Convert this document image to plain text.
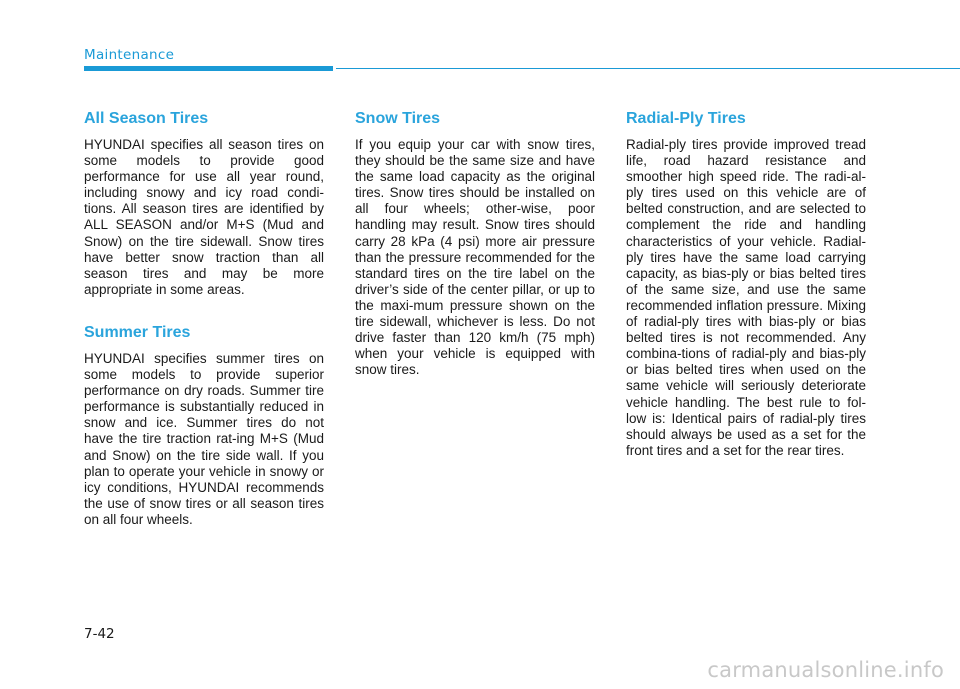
Maintenance
All Season Tires

HYUNDAI specifies all season tires on some models to provide good performance for use all year round, including snowy and icy road condi-tions. All season tires are identified by ALL SEASON and/or M+S (Mud and Snow) on the tire sidewall. Snow tires have better snow traction than all season tires and may be more appropriate in some areas.

Summer Tires

HYUNDAI specifies summer tires on some models to provide superior performance on dry roads. Summer tire performance is substantially reduced in snow and ice. Summer tires do not have the tire traction rat-ing M+S (Mud and Snow) on the tire side wall. If you plan to operate your vehicle in snowy or icy conditions, HYUNDAI recommends the use of snow tires or all season tires on all four wheels.

Snow Tires

If you equip your car with snow tires, they should be the same size and have the same load capacity as the original tires. Snow tires should be installed on all four wheels; other-wise, poor handling may result. Snow tires should carry 28 kPa (4 psi) more air pressure than the pressure recommended for the standard tires on the tire label on the driver’s side of the center pillar, or up to the maxi-mum pressure shown on the tire sidewall, whichever is less. Do not drive faster than 120 km/h (75 mph) when your vehicle is equipped with snow tires.

Radial-Ply Tires

Radial-ply tires provide improved tread life, road hazard resistance and smoother high speed ride. The radi-al-ply tires used on this vehicle are of belted construction, and are selected to complement the ride and handling characteristics of your vehicle. Radial-ply tires have the same load carrying capacity, as bias-ply or bias belted tires of the same size, and use the same recommended inflation pressure. Mixing of radial-ply tires with bias-ply or bias belted tires is not recommended. Any combina-tions of radial-ply and bias-ply or bias belted tires when used on the same vehicle will seriously deteriorate vehicle handling. The best rule to fol-low is: Identical pairs of radial-ply tires should always be used as a set for the front tires and a set for the rear tires.

7-42
carmanualsonline.info
